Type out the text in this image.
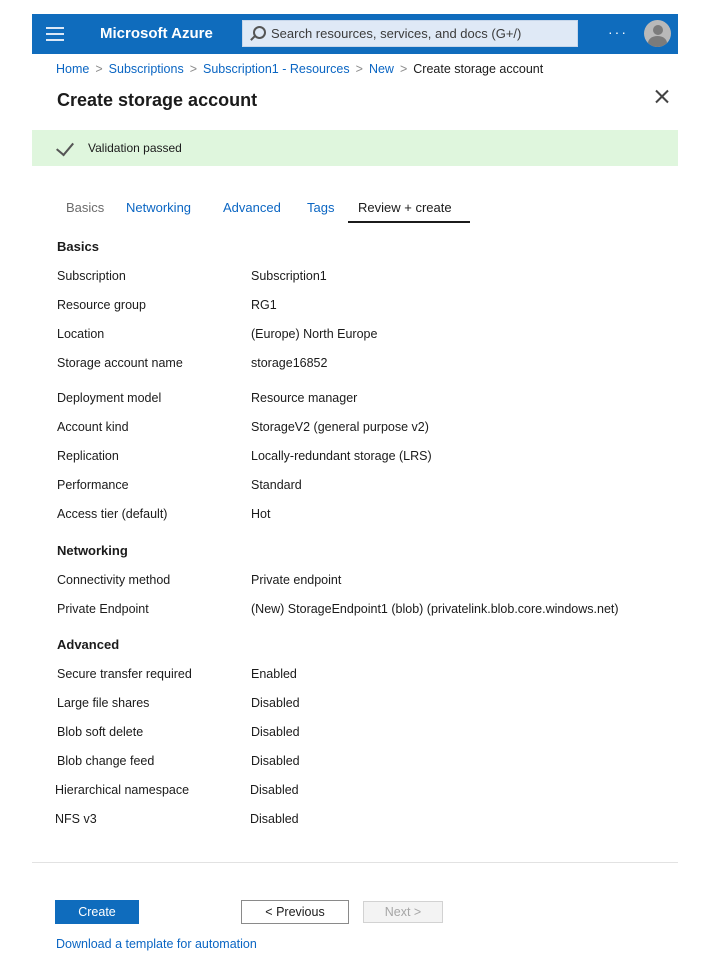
Microsoft Azure
Search resources, services, and docs (G+/)	···
Home > Subscriptions > Subscription1 - Resources > New > Create storage account
Create storage account
Validation passed
Basics Networking Advanced Tags Review + create
Basics
Subscription	Subscription1
Resource group	RG1
Location	(Europe) North Europe
Storage account name	storage16852
Deployment model	Resource manager
Account kind	StorageV2 (general purpose v2)
Replication	Locally-redundant storage (LRS)
Performance	Standard
Access tier (default)	Hot
Networking
Connectivity method	Private endpoint
Private Endpoint	(New) StorageEndpoint1 (blob) (privatelink.blob.core.windows.net)
Advanced
Secure transfer required	Enabled
Large file shares	Disabled
Blob soft delete	Disabled
Blob change feed	Disabled
Hierarchical namespace	Disabled
NFS v3	Disabled
Create	< Previous	Next >
Download a template for automation
